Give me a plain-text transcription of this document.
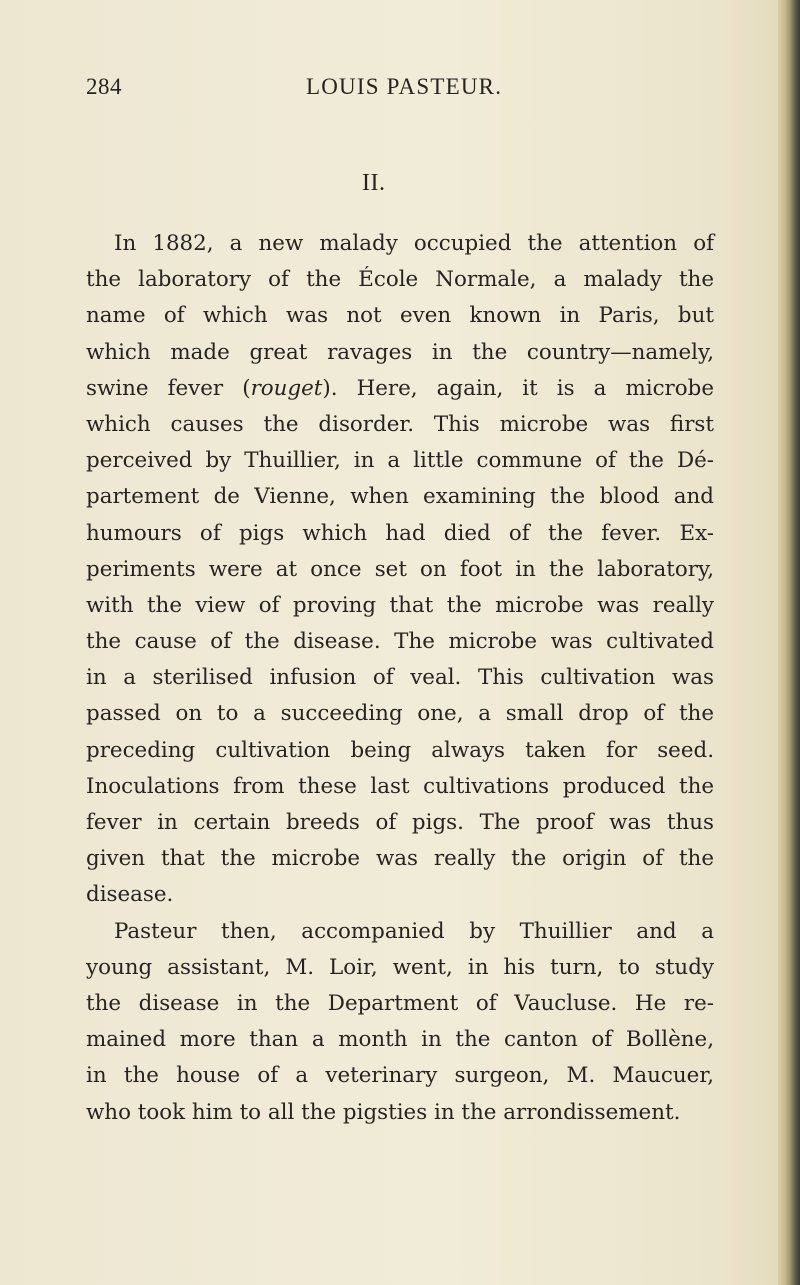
284	LOUIS PASTEUR.
II.
In 1882, a new malady occupied the attention of
the laboratory of the École Normale, a malady the
name of which was not even known in Paris, but
which made great ravages in the country—namely,
swine fever (rouget). Here, again, it is a microbe
which causes the disorder. This microbe was first
perceived by Thuillier, in a little commune of the Dé-
partement de Vienne, when examining the blood and
humours of pigs which had died of the fever. Ex-
periments were at once set on foot in the laboratory,
with the view of proving that the microbe was really
the cause of the disease. The microbe was cultivated
in a sterilised infusion of veal. This cultivation was
passed on to a succeeding one, a small drop of the
preceding cultivation being always taken for seed.
Inoculations from these last cultivations produced the
fever in certain breeds of pigs. The proof was thus
given that the microbe was really the origin of the
disease.
Pasteur then, accompanied by Thuillier and a
young assistant, M. Loir, went, in his turn, to study
the disease in the Department of Vaucluse. He re-
mained more than a month in the canton of Bollène,
in the house of a veterinary surgeon, M. Maucuer,
who took him to all the pigsties in the arrondissement.
